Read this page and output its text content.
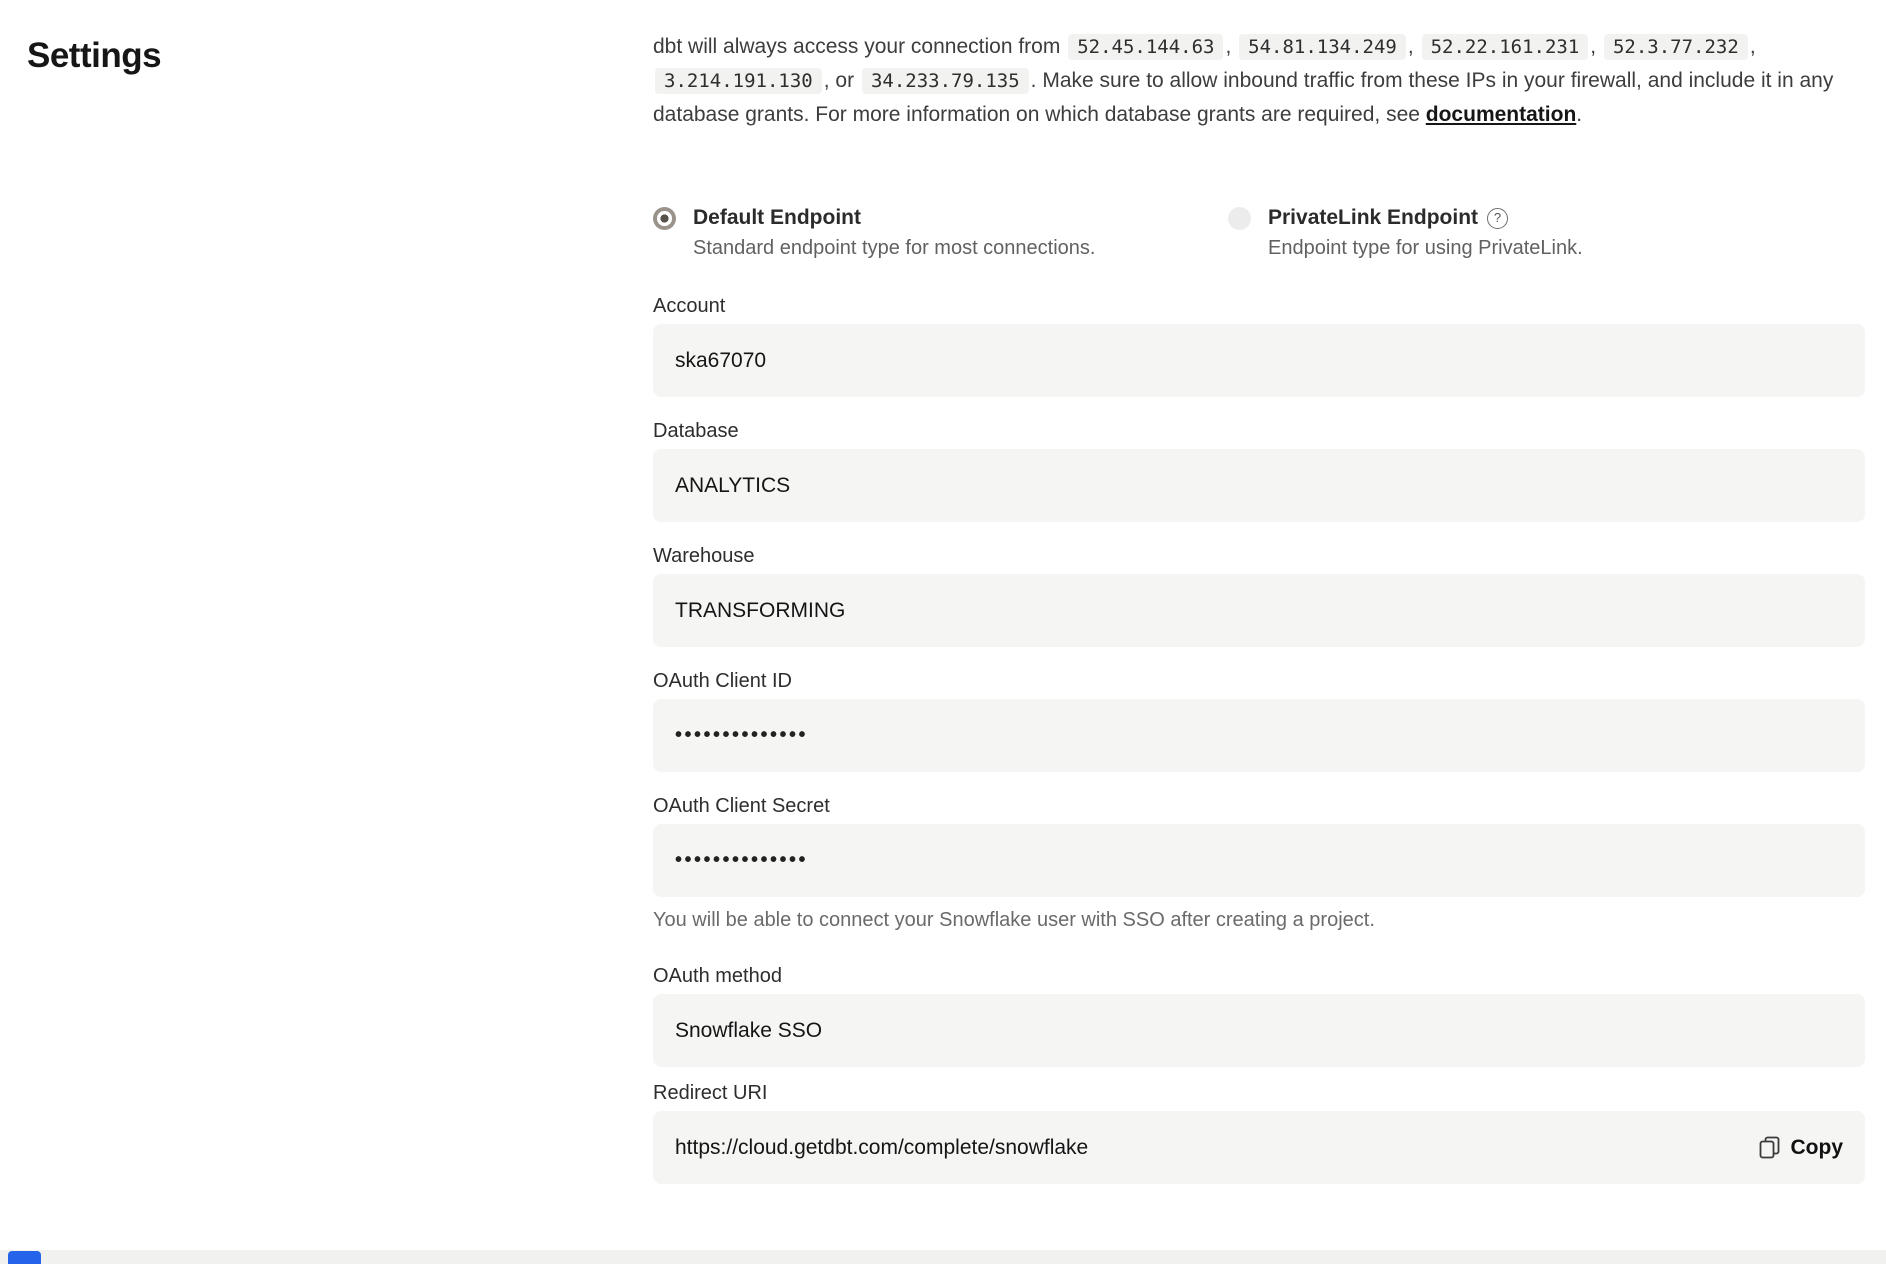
Settings	dbt will always access your connection from 52.45.144.63 , 54.81.134.249 , 52.22.161.231 , 52.3.77.232 , 3.214.191.130 , or 34.233.79.135 . Make sure to allow inbound traffic from these IPs in your firewall, and include it in any database grants. For more information on which database grants are required, see documentation.

Default Endpoint
Standard endpoint type for most connections.
PrivateLink Endpoint	?
Endpoint type for using PrivateLink.
Account
ska67070
Database
ANALYTICS
Warehouse
TRANSFORMING
OAuth Client ID
••••••••••••••
OAuth Client Secret
••••••••••••••
You will be able to connect your Snowflake user with SSO after creating a project.
OAuth method
Snowflake SSO
Redirect URI
https://cloud.getdbt.com/complete/snowflake	Copy
